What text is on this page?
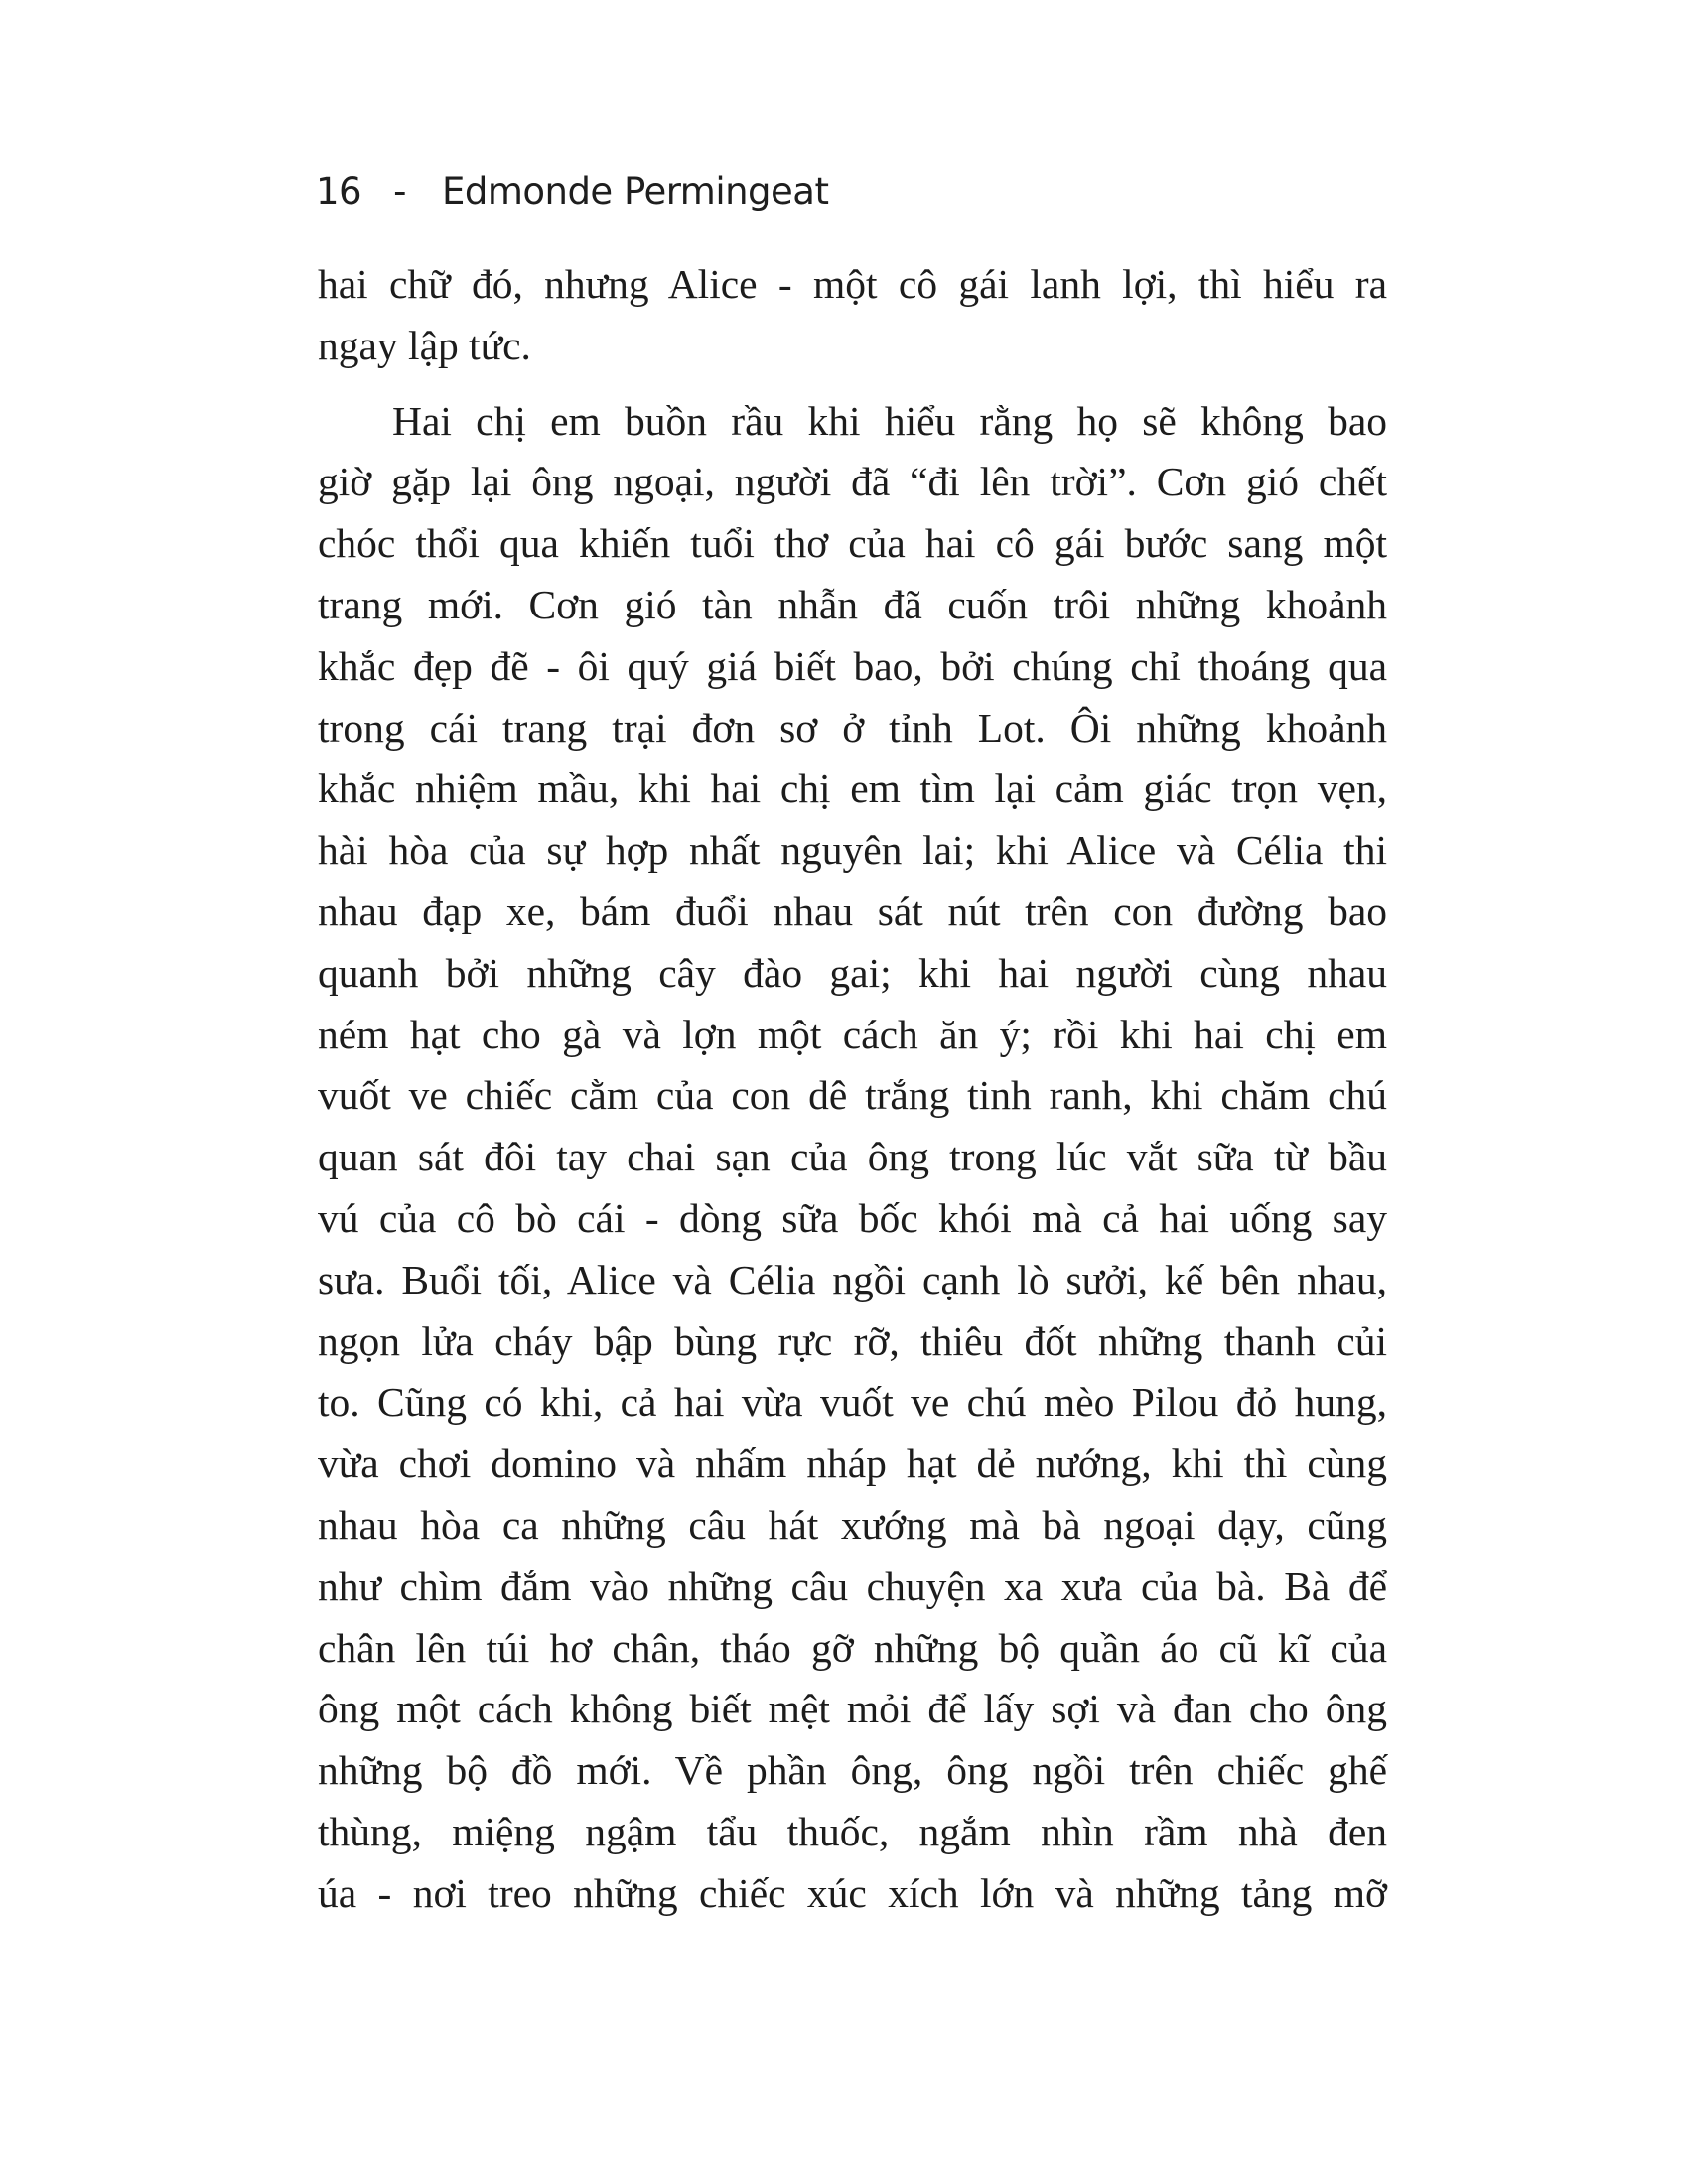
16 - Edmonde Permingeat
hai chữ đó, nhưng Alice - một cô gái lanh lợi, thì hiểu ra
ngay lập tức.
Hai chị em buồn rầu khi hiểu rằng họ sẽ không bao
giờ gặp lại ông ngoại, người đã “đi lên trời”. Cơn gió chết
chóc thổi qua khiến tuổi thơ của hai cô gái bước sang một
trang mới. Cơn gió tàn nhẫn đã cuốn trôi những khoảnh
khắc đẹp đẽ - ôi quý giá biết bao, bởi chúng chỉ thoáng qua
trong cái trang trại đơn sơ ở tỉnh Lot. Ôi những khoảnh
khắc nhiệm mầu, khi hai chị em tìm lại cảm giác trọn vẹn,
hài hòa của sự hợp nhất nguyên lai; khi Alice và Célia thi
nhau đạp xe, bám đuổi nhau sát nút trên con đường bao
quanh bởi những cây đào gai; khi hai người cùng nhau
ném hạt cho gà và lợn một cách ăn ý; rồi khi hai chị em
vuốt ve chiếc cằm của con dê trắng tinh ranh, khi chăm chú
quan sát đôi tay chai sạn của ông trong lúc vắt sữa từ bầu
vú của cô bò cái - dòng sữa bốc khói mà cả hai uống say
sưa. Buổi tối, Alice và Célia ngồi cạnh lò sưởi, kế bên nhau,
ngọn lửa cháy bập bùng rực rỡ, thiêu đốt những thanh củi
to. Cũng có khi, cả hai vừa vuốt ve chú mèo Pilou đỏ hung,
vừa chơi domino và nhấm nháp hạt dẻ nướng, khi thì cùng
nhau hòa ca những câu hát xướng mà bà ngoại dạy, cũng
như chìm đắm vào những câu chuyện xa xưa của bà. Bà để
chân lên túi hơ chân, tháo gỡ những bộ quần áo cũ kĩ của
ông một cách không biết mệt mỏi để lấy sợi và đan cho ông
những bộ đồ mới. Về phần ông, ông ngồi trên chiếc ghế
thùng, miệng ngậm tẩu thuốc, ngắm nhìn rầm nhà đen
úa - nơi treo những chiếc xúc xích lớn và những tảng mỡ
